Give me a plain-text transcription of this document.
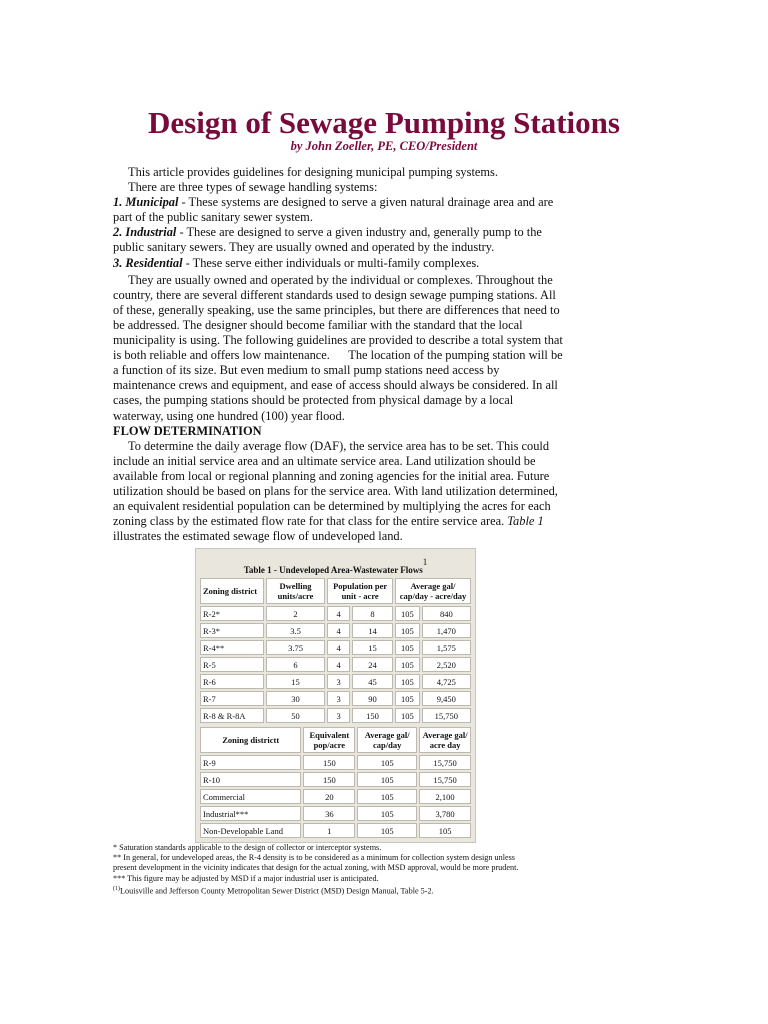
Design of Sewage Pumping Stations
by John Zoeller, PE, CEO/President

This article provides guidelines for designing municipal pumping systems.

There are three types of sewage handling systems:

1. Municipal - These systems are designed to serve a given natural drainage area and are part of the public sanitary sewer system.

2. Industrial - These are designed to serve a given industry and, generally pump to the public sanitary sewers. They are usually owned and operated by the industry.

3. Residential - These serve either individuals or multi-family complexes.

They are usually owned and operated by the individual or complexes. Throughout the country, there are several different standards used to design sewage pumping stations. All of these, generally speaking, use the same principles, but there are differences that need to be addressed. The designer should become familiar with the standard that the local municipality is using. The following guidelines are provided to describe a total system that is both reliable and offers low maintenance. The location of the pumping station will be a function of its size. But even medium to small pump stations need access by maintenance crews and equipment, and ease of access should always be considered. In all cases, the pumping stations should be protected from physical damage by a local waterway, using one hundred (100) year flood.

FLOW DETERMINATION

To determine the daily average flow (DAF), the service area has to be set. This could include an initial service area and an ultimate service area. Land utilization should be available from local or regional planning and zoning agencies for the initial area. Future utilization should be based on plans for the service area. With land utilization determined, an equivalent residential population can be determined by multiplying the acres for each zoning class by the estimated flow rate for that class for the entire service area. Table 1 illustrates the estimated sewage flow of undeveloped land.

Table 1 - Undeveloped Area-Wastewater Flows$^1$
Zoning district	Dwelling units/acre	Population per unit - acre		Average gal/ cap/day - acre/day	
R-2*	2	4	8	105	840
R-3*	3.5	4	14	105	1,470
R-4**	3.75	4	15	105	1,575
R-5	6	4	24	105	2,520
R-6	15	3	45	105	4,725
R-7	30	3	90	105	9,450
R-8 & R-8A	50	3	150	105	15,750
Zoning districtt	Equivalent pop/acre	Average gal/ cap/day	Average gal/ acre day
R-9	150	105	15,750
R-10	150	105	15,750
Commercial	20	105	2,100
Industrial***	36	105	3,780
Non-Developable Land	1	105	105

* Saturation standards applicable to the design of collector or interceptor systems.

** In general, for undeveloped areas, the R-4 density is to be considered as a minimum for collection system design unless present development in the vicinity indicates that design for the actual zoning, with MSD approval, would be more prudent.

*** This figure may be adjusted by MSD if a major industrial user is anticipated.

$^{(1)}$Louisville and Jefferson County Metropolitan Sewer District (MSD) Design Manual, Table 5-2.
